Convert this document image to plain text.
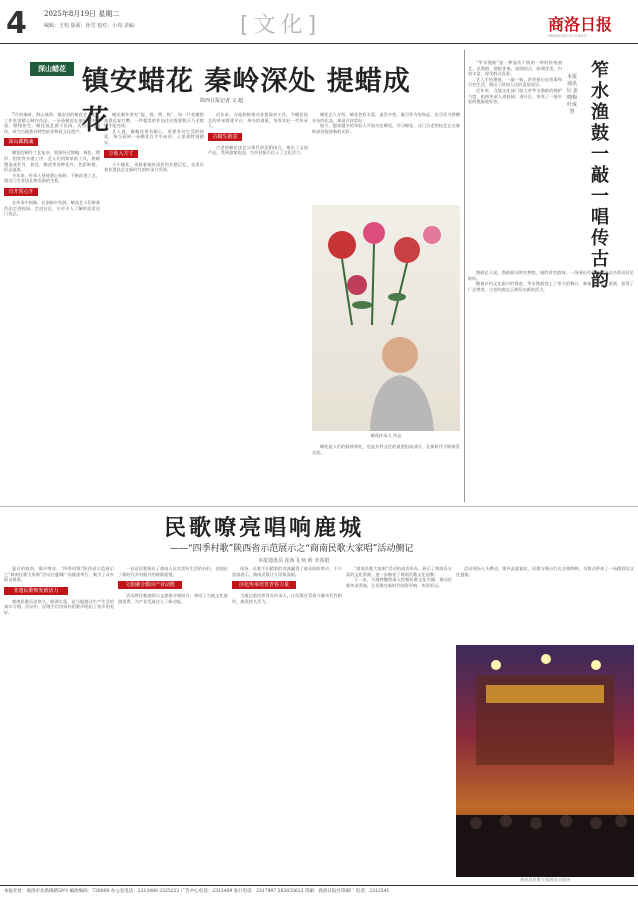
4 2025年8月19日 星期二
编辑：王恒 版面：孙雪 校对：小周 美编：	[文化]	商洛日报
SHANGLUO DAILY
深山蜡花 镇安蜡花 秦岭深处 提蜡成花
陕西日报记者 文 超

7月的秦岭，群山滴翠。镇安县的蜡花艺人正在工作室里精心制作作品，一朵朵蜡花在他们手中绽放，栩栩如生。蜡花技艺源于民间，历经代代相传，成为当地独具特色的非物质文化遗产。

深山藏精魂

蜡花的制作工艺复杂，需要经过熔蜡、调色、塑形、组装等多道工序。艺人们用简单的工具，将蜡塑造成牡丹、荷花、梅花等各种花卉，色彩鲜艳，形态逼真。

多年来，传承人坚持潜心钻研，不断改进工艺，使这门古老技艺焕发新的生机。

百开常心开

在传承中创新，在创新中发展。蜡花艺人们带着作品走进校园、走进社区，让更多人了解和喜爱这门技艺。

蜡花制作讲究“提、捏、剪、粘”，每一片花瓣都需要反复打磨，一件精美的作品往往需要数天乃至数周才能完成。

艺人说，做蜡花要有耐心，更要有对生活的热爱。每当看到一朵蜡花在手中成形，心里就特别踏实。

万象入方寸

小小蜡花，承载着秦岭深处的乡愁记忆，也见证着非遗技艺在新时代的传承与发展。

近年来，当地积极推动非遗保护工作，为蜡花技艺的传承搭建平台，举办培训班，培养年轻一代传承人。

古蜡生新意

古老的蜡花技艺与现代审美相结合，推出了文创产品，受到游客欢迎，为乡村振兴注入了文化活力。

蜡花艺人介绍，蜡花色彩丰富，造型多变，既可作为装饰品，也可作为馈赠亲友的礼品，寓意吉祥美好。

如今，越来越多的年轻人开始关注蜡花，学习蜡花，这门古老的技艺正在秦岭深处绽放新的光彩。

蜡花传承人 作品

蜡花是人们的精神寄托，也是乡村文化的重要组成部分，在新时代不断焕发光彩。

笮水渔鼓一敲一唱传古韵
本报通讯员 姜晓梅 叶成慧

“笮水渔鼓”是一种流传于陕南一带的传统曲艺，以渔鼓、简板伴奏，说唱结合，曲调优美，内容丰富，深受群众喜爱。

艺人手持渔鼓，一敲一唱，讲述着历史故事和百姓生活，唱出了陕南人民的喜怒哀乐。

近年来，当地文化部门加大对笮水渔鼓的保护力度，组织传承人进校园、进社区，培养了一批年轻的渔鼓爱好者。

渔鼓艺人说，渔鼓唱词讲究押韵，唱腔讲究韵味，一场演出往往能吸引众多群众驻足聆听。

随着乡村文化振兴的推进，笮水渔鼓登上了更大的舞台，参加各类文艺展演，获得了广泛赞誉，古老的曲艺正焕发出新的活力。

民歌嘹亮唱响鹿城
——“四季村歌”陕西省示范展示之“商南民歌大家唱”活动侧记
本报通讯员 崔海飞 何 昕 李春娟

夏日的商南，歌声嘹亮。“四季村歌”陕西省示范展示之“商南民歌大家唱”活动在鹿城广场隆重举行，吸引了众多群众观看。

非遗民歌焕发新活力

商南民歌历史悠久，曲调丰富，是当地群众生产生活的真实写照。活动中，民歌手们用质朴的歌声唱出了家乡的美好。

一首首民歌唱出了商南人民对美好生活的向往，也唱出了新时代乡村振兴的崭新面貌。

文旅融合激活产业动能

活动将民歌演唱与文旅推介相结合，带动了当地文化旅游消费，为产业发展注入了新动能。

现场，民歌手们精彩的表演赢得了观众阵阵掌声，不少游客表示，商南民歌让人印象深刻。

活化传承培育青春力量

当地注重培养青年传承人，让民歌在青春力量中代代相传，焕发持久活力。

“商南民歌大家唱”活动的成功举办，展示了商南县丰富的文化资源，进一步擦亮了商南民歌文化品牌。

下一步，当地将继续深入挖掘民歌文化内涵，推动民歌传承发展，让民歌在新时代唱得更响、传得更远。

活动现场人头攒动，歌声此起彼伏，民歌与舞台灯光交相辉映，为群众带来了一场精彩的文化盛宴。

商南县民歌大家唱活动现场
本报社址：商洛市北新街路59号 邮政编码：726000 办公室电话：2313480 2325222 广告中心电话：2313489 发行电话：2317997 282833613 印刷：商洛日报社印刷厂 电话：2312541
